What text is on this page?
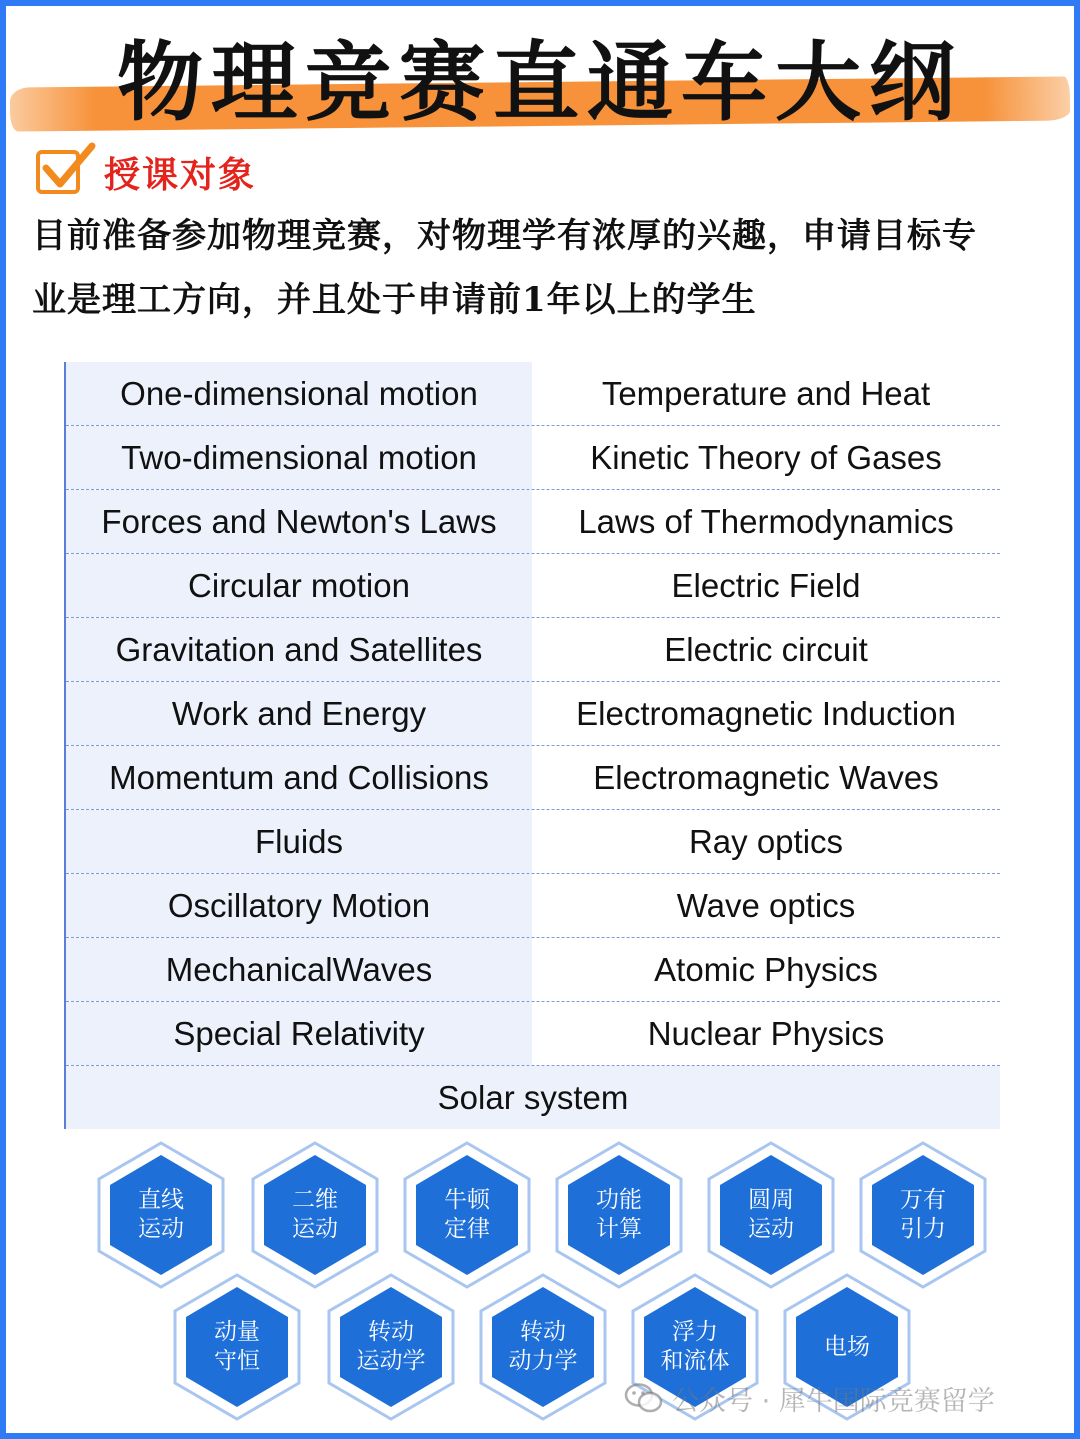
物理竞赛直通车大纲
授课对象
目前准备参加物理竞赛，对物理学有浓厚的兴趣，申请目标专
业是理工方向，并且处于申请前1年以上的学生
One-dimensional motion	Temperature and Heat
Two-dimensional motion	Kinetic Theory of Gases
Forces and Newton's Laws	Laws of Thermodynamics
Circular motion	Electric Field
Gravitation and Satellites	Electric circuit
Work and Energy	Electromagnetic Induction
Momentum and Collisions	Electromagnetic Waves
Fluids	Ray optics
Oscillatory Motion	Wave optics
MechanicalWaves	Atomic Physics
Special Relativity	Nuclear Physics
Solar system
直线
运动
二维
运动
牛顿
定律
功能
计算
圆周
运动
万有
引力
动量
守恒
转动
运动学
转动
动力学
浮力
和流体
电场
公众号 · 犀牛国际竞赛留学
